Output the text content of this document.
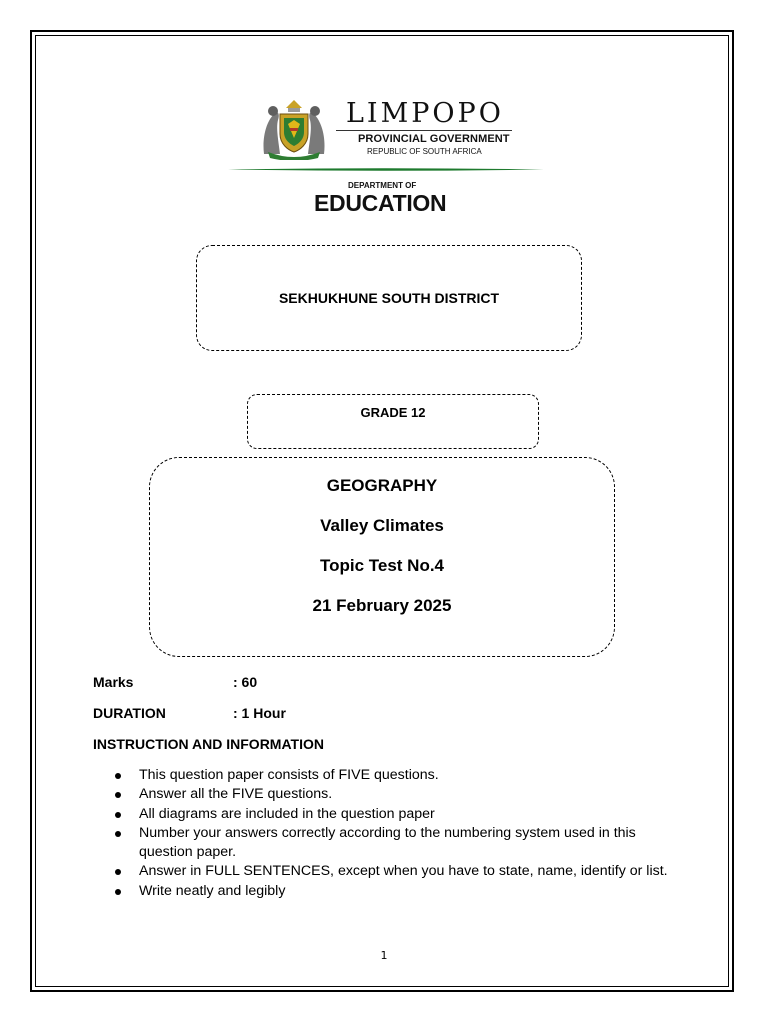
LIMPOPO
PROVINCIAL GOVERNMENT
REPUBLIC OF SOUTH AFRICA
DEPARTMENT OF
EDUCATION
SEKHUKHUNE SOUTH DISTRICT
GRADE 12
GEOGRAPHY
Valley Climates
Topic Test No.4
21 February 2025
Marks	: 60
DURATION	: 1 Hour
INSTRUCTION AND INFORMATION
This question paper consists of FIVE questions.
Answer all the FIVE questions.
All diagrams are included in the question paper
Number your answers correctly according to the numbering system used in this question paper.
Answer in FULL SENTENCES, except when you have to state, name, identify or list.
Write neatly and legibly
1
